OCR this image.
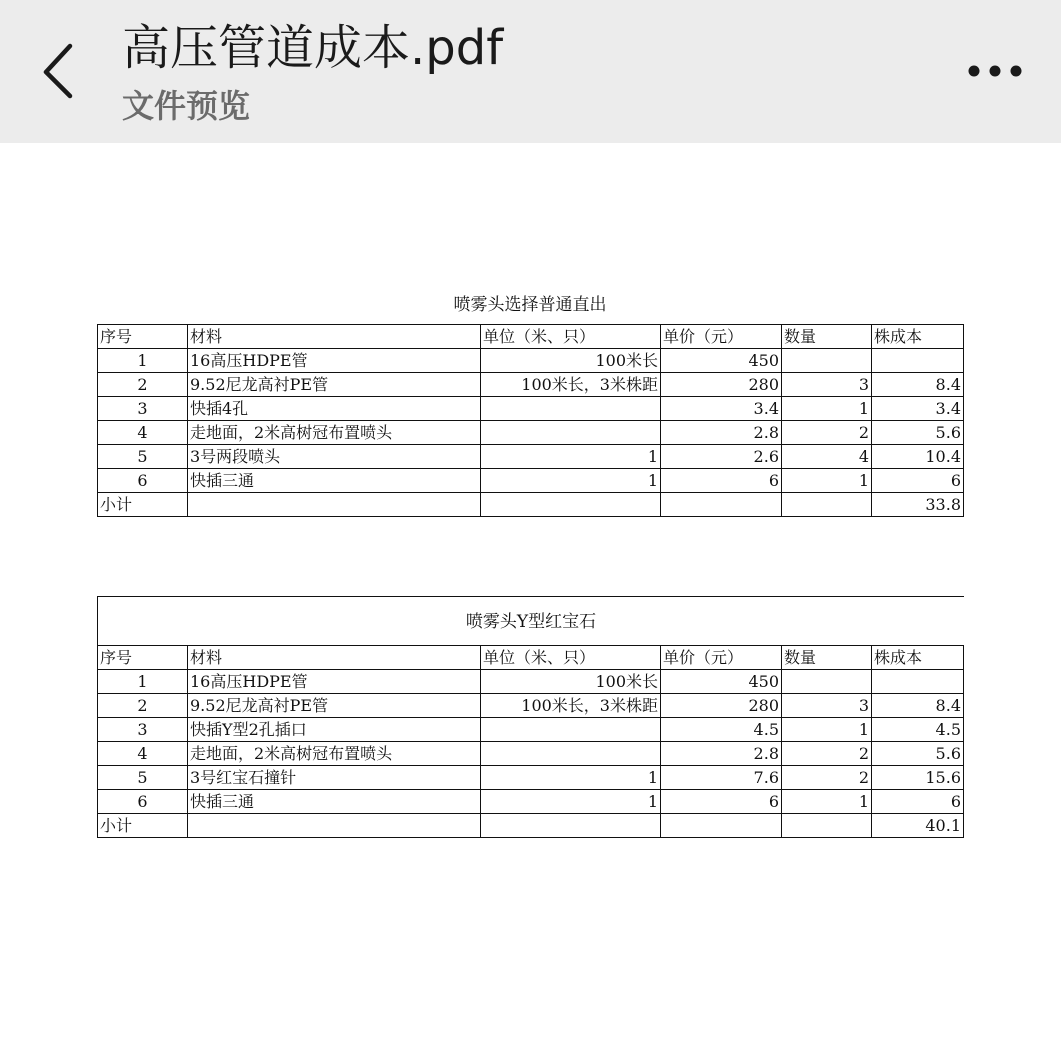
高压管道成本.pdf
文件预览
喷雾头选择普通直出
序号	材料	单位（米、只）	单价（元）	数量	株成本
1	16高压HDPE管	100米长	450		
2	9.52尼龙高衬PE管	100米长，3米株距	280	3	8.4
3	快插4孔		3.4	1	3.4
4	走地面，2米高树冠布置喷头		2.8	2	5.6
5	3号两段喷头	1	2.6	4	10.4
6	快插三通	1	6	1	6
小计					33.8
喷雾头Y型红宝石
序号	材料	单位（米、只）	单价（元）	数量	株成本
1	16高压HDPE管	100米长	450		
2	9.52尼龙高衬PE管	100米长，3米株距	280	3	8.4
3	快插Y型2孔插口		4.5	1	4.5
4	走地面，2米高树冠布置喷头		2.8	2	5.6
5	3号红宝石撞针	1	7.6	2	15.6
6	快插三通	1	6	1	6
小计					40.1
